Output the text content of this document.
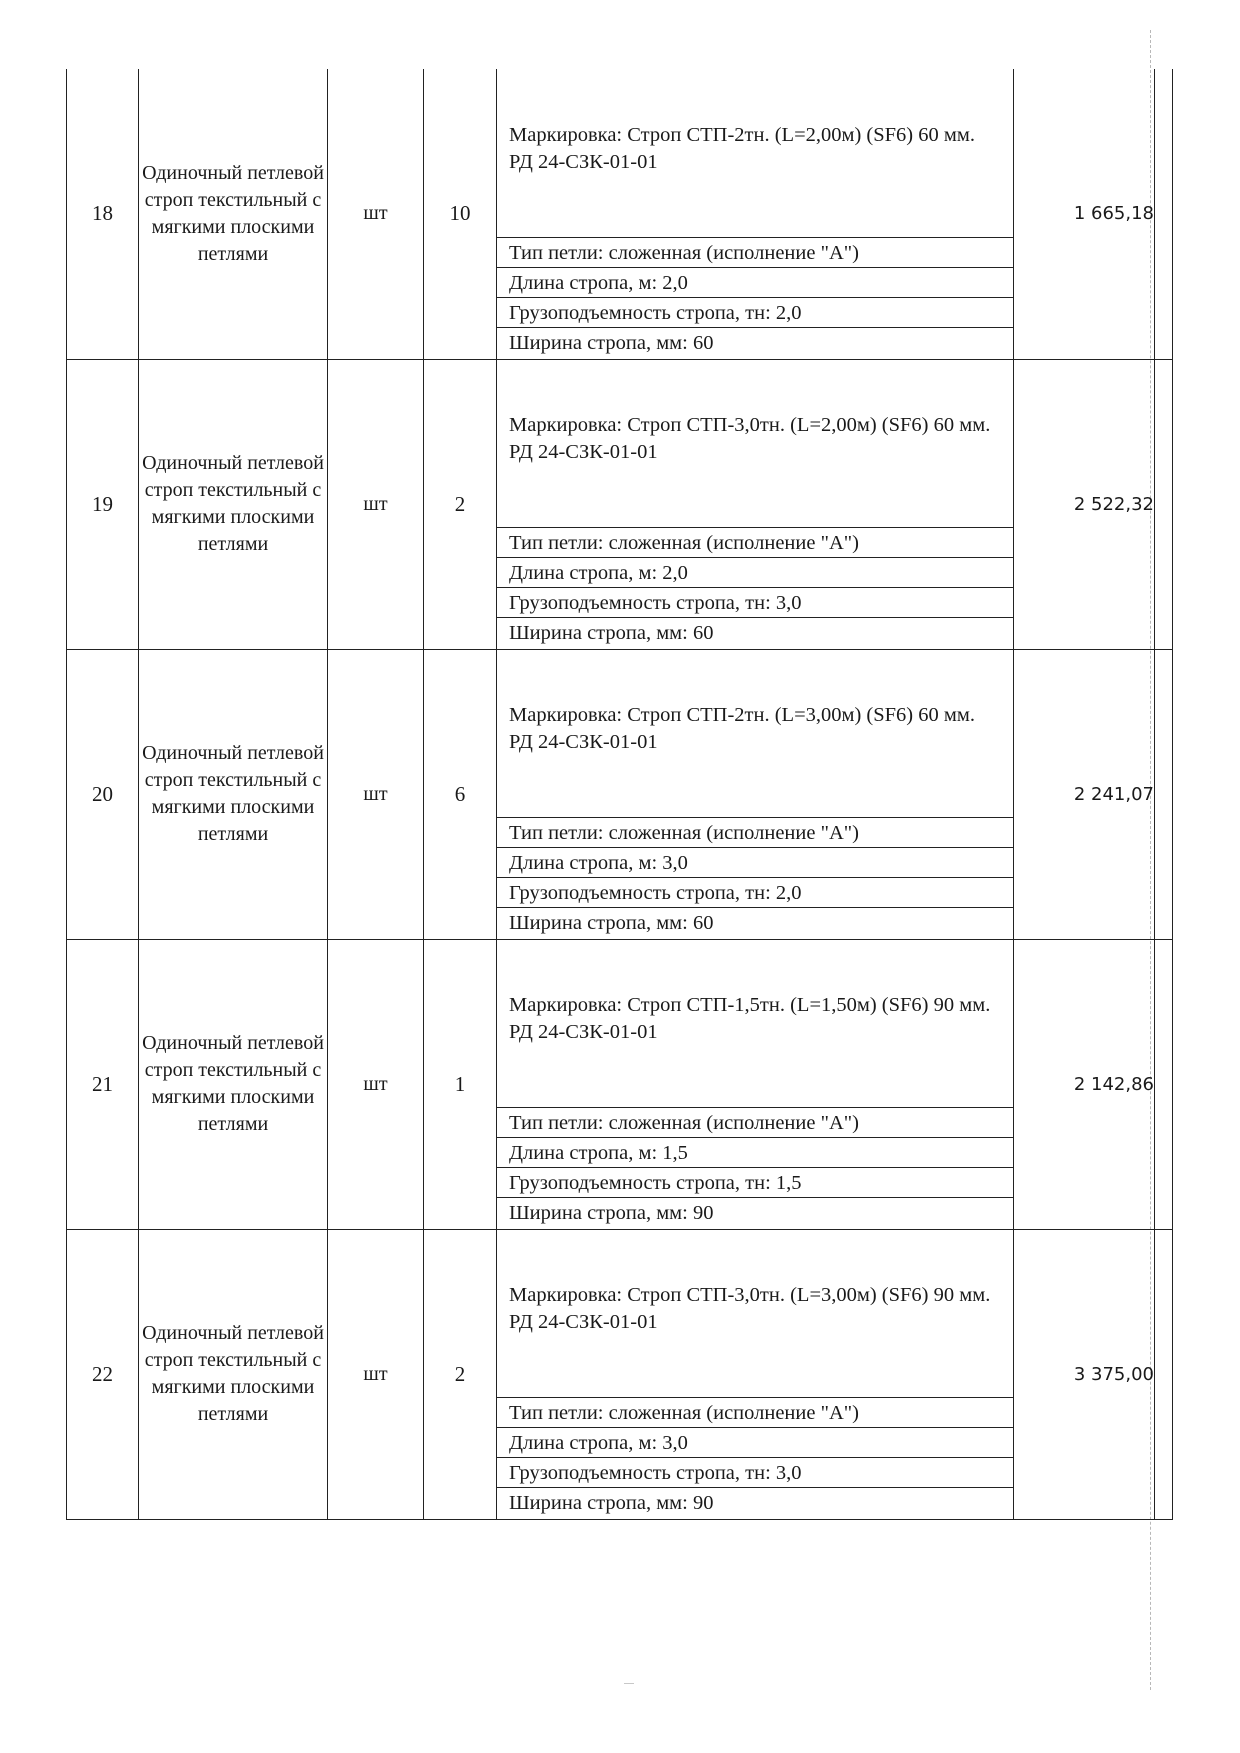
18	Одиночный петлевой строп текстильный с мягкими плоскими петлями	шт	10	Маркировка: Строп СТП-2тн. (L=2,00м) (SF6) 60 мм. РД 24-СЗК-01-01
Тип петли: сложенная (исполнение "А")
Длина стропа, м: 2,0
Грузоподъемность стропа, тн: 2,0
Ширина стропа, мм: 60	1 665,18	
19	Одиночный петлевой строп текстильный с мягкими плоскими петлями	шт	2	Маркировка: Строп СТП-3,0тн. (L=2,00м) (SF6) 60 мм. РД 24-СЗК-01-01
Тип петли: сложенная (исполнение "А")
Длина стропа, м: 2,0
Грузоподъемность стропа, тн: 3,0
Ширина стропа, мм: 60	2 522,32	
20	Одиночный петлевой строп текстильный с мягкими плоскими петлями	шт	6	Маркировка: Строп СТП-2тн. (L=3,00м) (SF6) 60 мм. РД 24-СЗК-01-01
Тип петли: сложенная (исполнение "А")
Длина стропа, м: 3,0
Грузоподъемность стропа, тн: 2,0
Ширина стропа, мм: 60	2 241,07	
21	Одиночный петлевой строп текстильный с мягкими плоскими петлями	шт	1	Маркировка: Строп СТП-1,5тн. (L=1,50м) (SF6) 90 мм. РД 24-СЗК-01-01
Тип петли: сложенная (исполнение "А")
Длина стропа, м: 1,5
Грузоподъемность стропа, тн: 1,5
Ширина стропа, мм: 90	2 142,86	
22	Одиночный петлевой строп текстильный с мягкими плоскими петлями	шт	2	Маркировка: Строп СТП-3,0тн. (L=3,00м) (SF6) 90 мм. РД 24-СЗК-01-01
Тип петли: сложенная (исполнение "А")
Длина стропа, м: 3,0
Грузоподъемность стропа, тн: 3,0
Ширина стропа, мм: 90	3 375,00	
